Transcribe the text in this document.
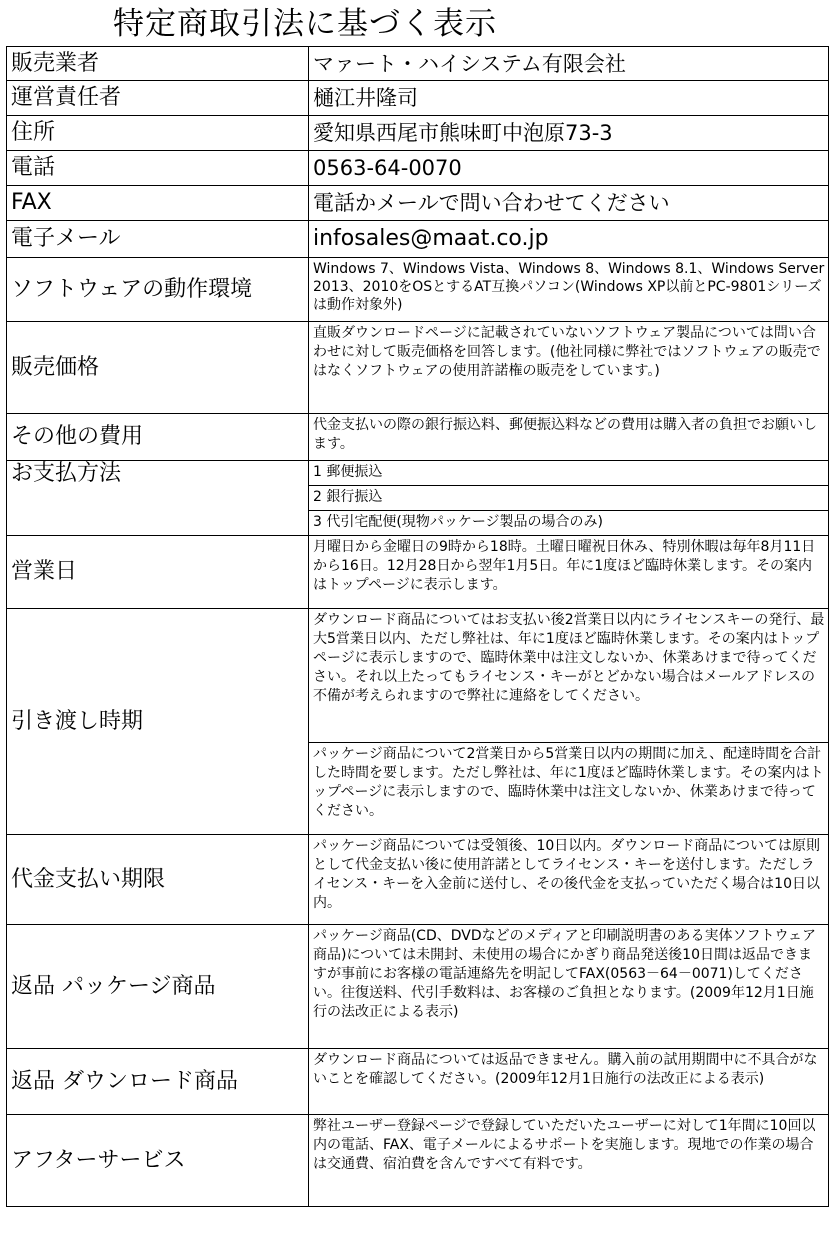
特定商取引法に基づく表示
販売業者	マァート・ハイシステム有限会社
運営責任者	樋江井隆司
住所	愛知県西尾市熊味町中泡原73-3
電話	0563-64-0070
FAX	電話かメールで問い合わせてください
電子メール	infosales@maat.co.jp
ソフトウェアの動作環境	Windows 7、Windows Vista、Windows 8、Windows 8.1、Windows Server 2013、2010をOSとするAT互換パソコン(Windows XP以前とPC-9801シリーズは動作対象外)
販売価格	直販ダウンロードページに記載されていないソフトウェア製品については問い合わせに対して販売価格を回答します。(他社同様に弊社ではソフトウェアの販売ではなくソフトウェアの使用許諾権の販売をしています。)
その他の費用	代金支払いの際の銀行振込料、郵便振込料などの費用は購入者の負担でお願いします。
お支払方法	1 郵便振込
	2 銀行振込
	3 代引宅配便(現物パッケージ製品の場合のみ)
営業日	月曜日から金曜日の9時から18時。土曜日曜祝日休み、特別休暇は毎年8月11日から16日。12月28日から翌年1月5日。年に1度ほど臨時休業します。その案内はトップページに表示します。
引き渡し時期	ダウンロード商品についてはお支払い後2営業日以内にライセンスキーの発行、最大5営業日以内、ただし弊社は、年に1度ほど臨時休業します。その案内はトップページに表示しますので、臨時休業中は注文しないか、休業あけまで待ってください。それ以上たってもライセンス・キーがとどかない場合はメールアドレスの不備が考えられますので弊社に連絡をしてください。
	パッケージ商品について2営業日から5営業日以内の期間に加え、配達時間を合計した時間を要します。ただし弊社は、年に1度ほど臨時休業します。その案内はトップページに表示しますので、臨時休業中は注文しないか、休業あけまで待ってください。
代金支払い期限	パッケージ商品については受領後、10日以内。ダウンロード商品については原則として代金支払い後に使用許諾としてライセンス・キーを送付します。ただしライセンス・キーを入金前に送付し、その後代金を支払っていただく場合は10日以内。
返品 パッケージ商品	パッケージ商品(CD、DVDなどのメディアと印刷説明書のある実体ソフトウェア商品)については未開封、未使用の場合にかぎり商品発送後10日間は返品できますが事前にお客様の電話連絡先を明記してFAX(0563－64－0071)してください。往復送料、代引手数料は、お客様のご負担となります。(2009年12月1日施行の法改正による表示)
返品 ダウンロード商品	ダウンロード商品については返品できません。購入前の試用期間中に不具合がないことを確認してください。(2009年12月1日施行の法改正による表示)
アフターサービス	弊社ユーザー登録ページで登録していただいたユーザーに対して1年間に10回以内の電話、FAX、電子メールによるサポートを実施します。現地での作業の場合は交通費、宿泊費を含んですべて有料です。
